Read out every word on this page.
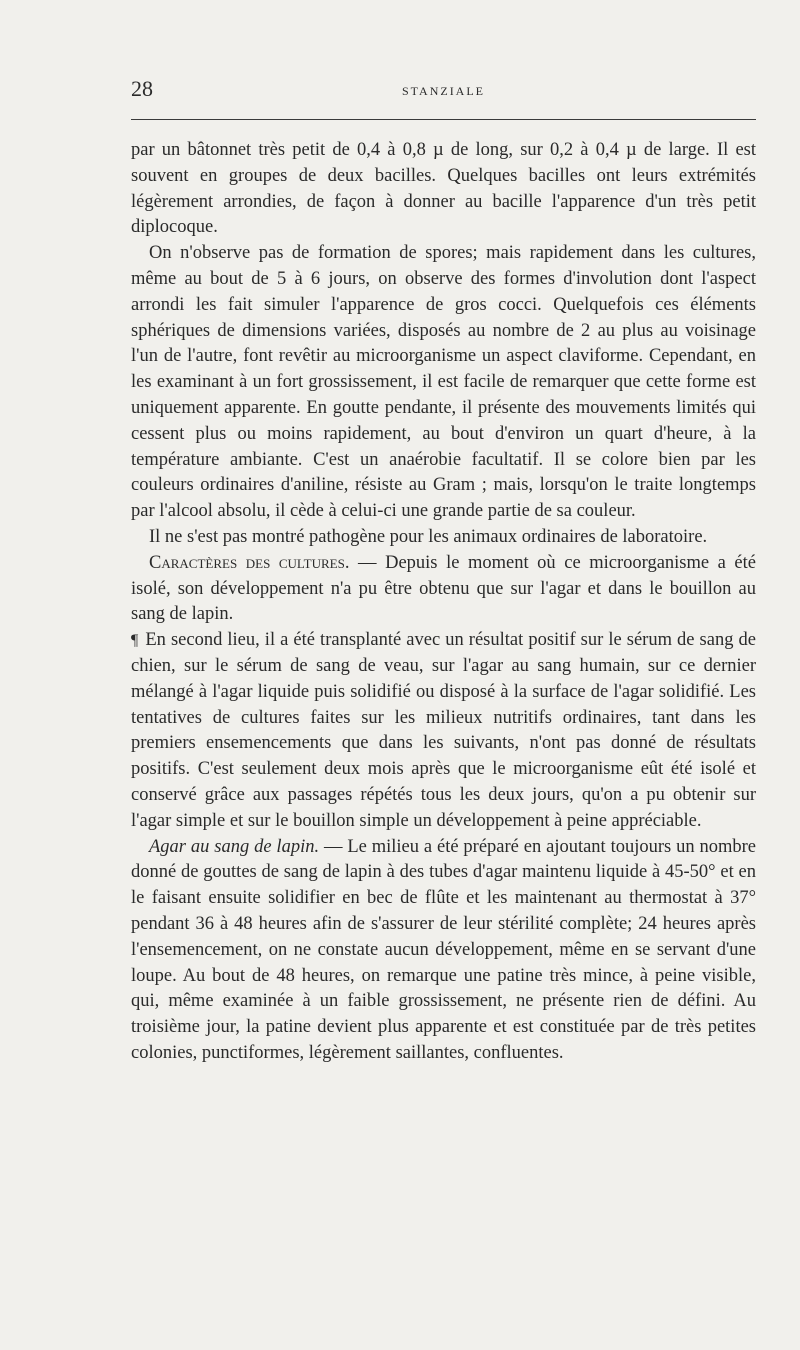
28	STANZIALE

par un bâtonnet très petit de 0,4 à 0,8 µ de long, sur 0,2 à 0,4 µ de large. Il est souvent en groupes de deux bacilles. Quelques bacilles ont leurs extrémités légèrement arrondies, de façon à donner au bacille l'apparence d'un très petit diplocoque.

On n'observe pas de formation de spores; mais rapidement dans les cultures, même au bout de 5 à 6 jours, on observe des formes d'involution dont l'aspect arrondi les fait simuler l'apparence de gros cocci. Quelquefois ces éléments sphériques de dimensions variées, disposés au nombre de 2 au plus au voisinage l'un de l'autre, font revêtir au microorganisme un aspect claviforme. Cependant, en les examinant à un fort grossissement, il est facile de remarquer que cette forme est uniquement apparente. En goutte pendante, il présente des mouvements limités qui cessent plus ou moins rapidement, au bout d'environ un quart d'heure, à la température ambiante. C'est un anaérobie facultatif. Il se colore bien par les couleurs ordinaires d'aniline, résiste au Gram ; mais, lorsqu'on le traite longtemps par l'alcool absolu, il cède à celui-ci une grande partie de sa couleur.

Il ne s'est pas montré pathogène pour les animaux ordinaires de laboratoire.

Caractères des cultures. — Depuis le moment où ce microorganisme a été isolé, son développement n'a pu être obtenu que sur l'agar et dans le bouillon au sang de lapin.

¶ En second lieu, il a été transplanté avec un résultat positif sur le sérum de sang de chien, sur le sérum de sang de veau, sur l'agar au sang humain, sur ce dernier mélangé à l'agar liquide puis solidifié ou disposé à la surface de l'agar solidifié. Les tentatives de cultures faites sur les milieux nutritifs ordinaires, tant dans les premiers ensemencements que dans les suivants, n'ont pas donné de résultats positifs. C'est seulement deux mois après que le microorganisme eût été isolé et conservé grâce aux passages répétés tous les deux jours, qu'on a pu obtenir sur l'agar simple et sur le bouillon simple un développement à peine appréciable.

Agar au sang de lapin. — Le milieu a été préparé en ajoutant toujours un nombre donné de gouttes de sang de lapin à des tubes d'agar maintenu liquide à 45-50° et en le faisant ensuite solidifier en bec de flûte et les maintenant au thermostat à 37° pendant 36 à 48 heures afin de s'assurer de leur stérilité complète; 24 heures après l'ensemencement, on ne constate aucun développement, même en se servant d'une loupe. Au bout de 48 heures, on remarque une patine très mince, à peine visible, qui, même examinée à un faible grossissement, ne présente rien de défini. Au troisième jour, la patine devient plus apparente et est constituée par de très petites colonies, punctiformes, légèrement saillantes, confluentes.
